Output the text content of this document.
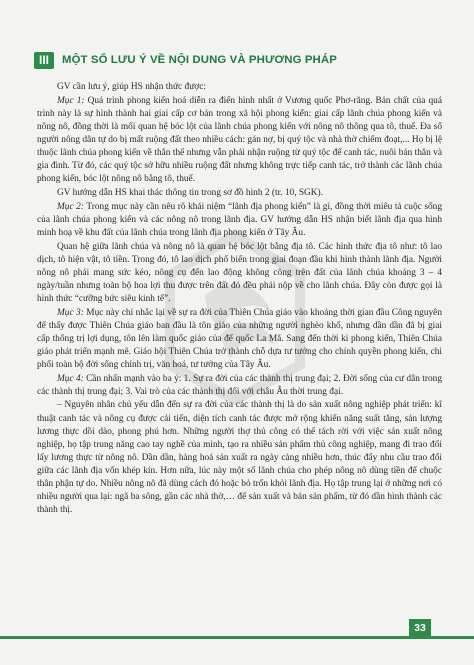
III	MỘT SỐ LƯU Ý VỀ NỘI DUNG VÀ PHƯƠNG PHÁP

GV cần lưu ý, giúp HS nhận thức được:

Mục 1: Quá trình phong kiến hoá diễn ra điển hình nhất ở Vương quốc Phơ-răng. Bản chất của quá trình này là sự hình thành hai giai cấp cơ bản trong xã hội phong kiến: giai cấp lãnh chúa phong kiến và nông nô, đồng thời là mối quan hệ bóc lột của lãnh chúa phong kiến với nông nô thông qua tô, thuế. Đa số người nông dân tự do bị mất ruộng đất theo nhiều cách: gán nợ, bị quý tộc và nhà thờ chiếm đoạt,... Họ bị lệ thuộc lãnh chúa phong kiến về thân thể nhưng vẫn phải nhận ruộng từ quý tộc để canh tác, nuôi bản thân và gia đình. Từ đó, các quý tộc sở hữu nhiều ruộng đất nhưng không trực tiếp canh tác, trở thành các lãnh chúa phong kiến, bóc lột nông nô bằng tô, thuế.

GV hướng dẫn HS khai thác thông tin trong sơ đồ hình 2 (tr. 10, SGK).

Mục 2: Trong mục này cần nêu rõ khái niệm “lãnh địa phong kiến” là gì, đồng thời miêu tả cuộc sống của lãnh chúa phong kiến và các nông nô trong lãnh địa. GV hướng dẫn HS nhận biết lãnh địa qua hình minh hoạ về khu đất của lãnh chúa trong lãnh địa phong kiến ở Tây Âu.

Quan hệ giữa lãnh chúa và nông nô là quan hệ bóc lột bằng địa tô. Các hình thức địa tô như: tô lao dịch, tô hiện vật, tô tiền. Trong đó, tô lao dịch phổ biến trong giai đoạn đầu khi hình thành lãnh địa. Người nông nô phải mang sức kéo, nông cụ đến lao động không công trên đất của lãnh chúa khoảng 3 – 4 ngày/tuần nhưng toàn bộ hoa lợi thu được trên đất đó đều phải nộp về cho lãnh chúa. Đây còn được gọi là hình thức “cưỡng bức siêu kinh tế”.

Mục 3: Mục này chỉ nhắc lại về sự ra đời của Thiên Chúa giáo vào khoảng thời gian đầu Công nguyên để thấy được Thiên Chúa giáo ban đầu là tôn giáo của những người nghèo khổ, nhưng dần dần đã bị giai cấp thống trị lợi dụng, tôn lên làm quốc giáo của đế quốc La Mã. Sang đến thời kì phong kiến, Thiên Chúa giáo phát triển mạnh mẽ. Giáo hội Thiên Chúa trở thành chỗ dựa tư tưởng cho chính quyền phong kiến, chi phối toàn bộ đời sống chính trị, văn hoá, tư tưởng của Tây Âu.

Mục 4: Cần nhấn mạnh vào ba ý: 1. Sự ra đời của các thành thị trung đại; 2. Đời sống của cư dân trong các thành thị trung đại; 3. Vai trò của các thành thị đối với châu Âu thời trung đại.

– Nguyên nhân chủ yếu dẫn đến sự ra đời của các thành thị là do sản xuất nông nghiệp phát triển: kĩ thuật canh tác và nông cụ được cải tiến, diện tích canh tác được mở rộng khiến năng suất tăng, sản lượng lương thực dồi dào, phong phú hơn. Những người thợ thủ công có thể tách rời với việc sản xuất nông nghiệp, họ tập trung năng cao tay nghề của mình, tạo ra nhiều sản phẩm thủ công nghiệp, mang đi trao đổi lấy lương thực từ nông nô. Dần dần, hàng hoá sản xuất ra ngày càng nhiều hơn, thúc đẩy nhu cầu trao đổi giữa các lãnh địa vốn khép kín. Hơn nữa, lúc này một số lãnh chúa cho phép nông nô dùng tiền để chuộc thân phận tự do. Nhiều nông nô đã dùng cách đó hoặc bỏ trốn khỏi lãnh địa. Họ tập trung lại ở những nơi có nhiều người qua lại: ngã ba sông, gần các nhà thờ,… để sản xuất và bán sản phẩm, từ đó dần hình thành các thành thị.

33
